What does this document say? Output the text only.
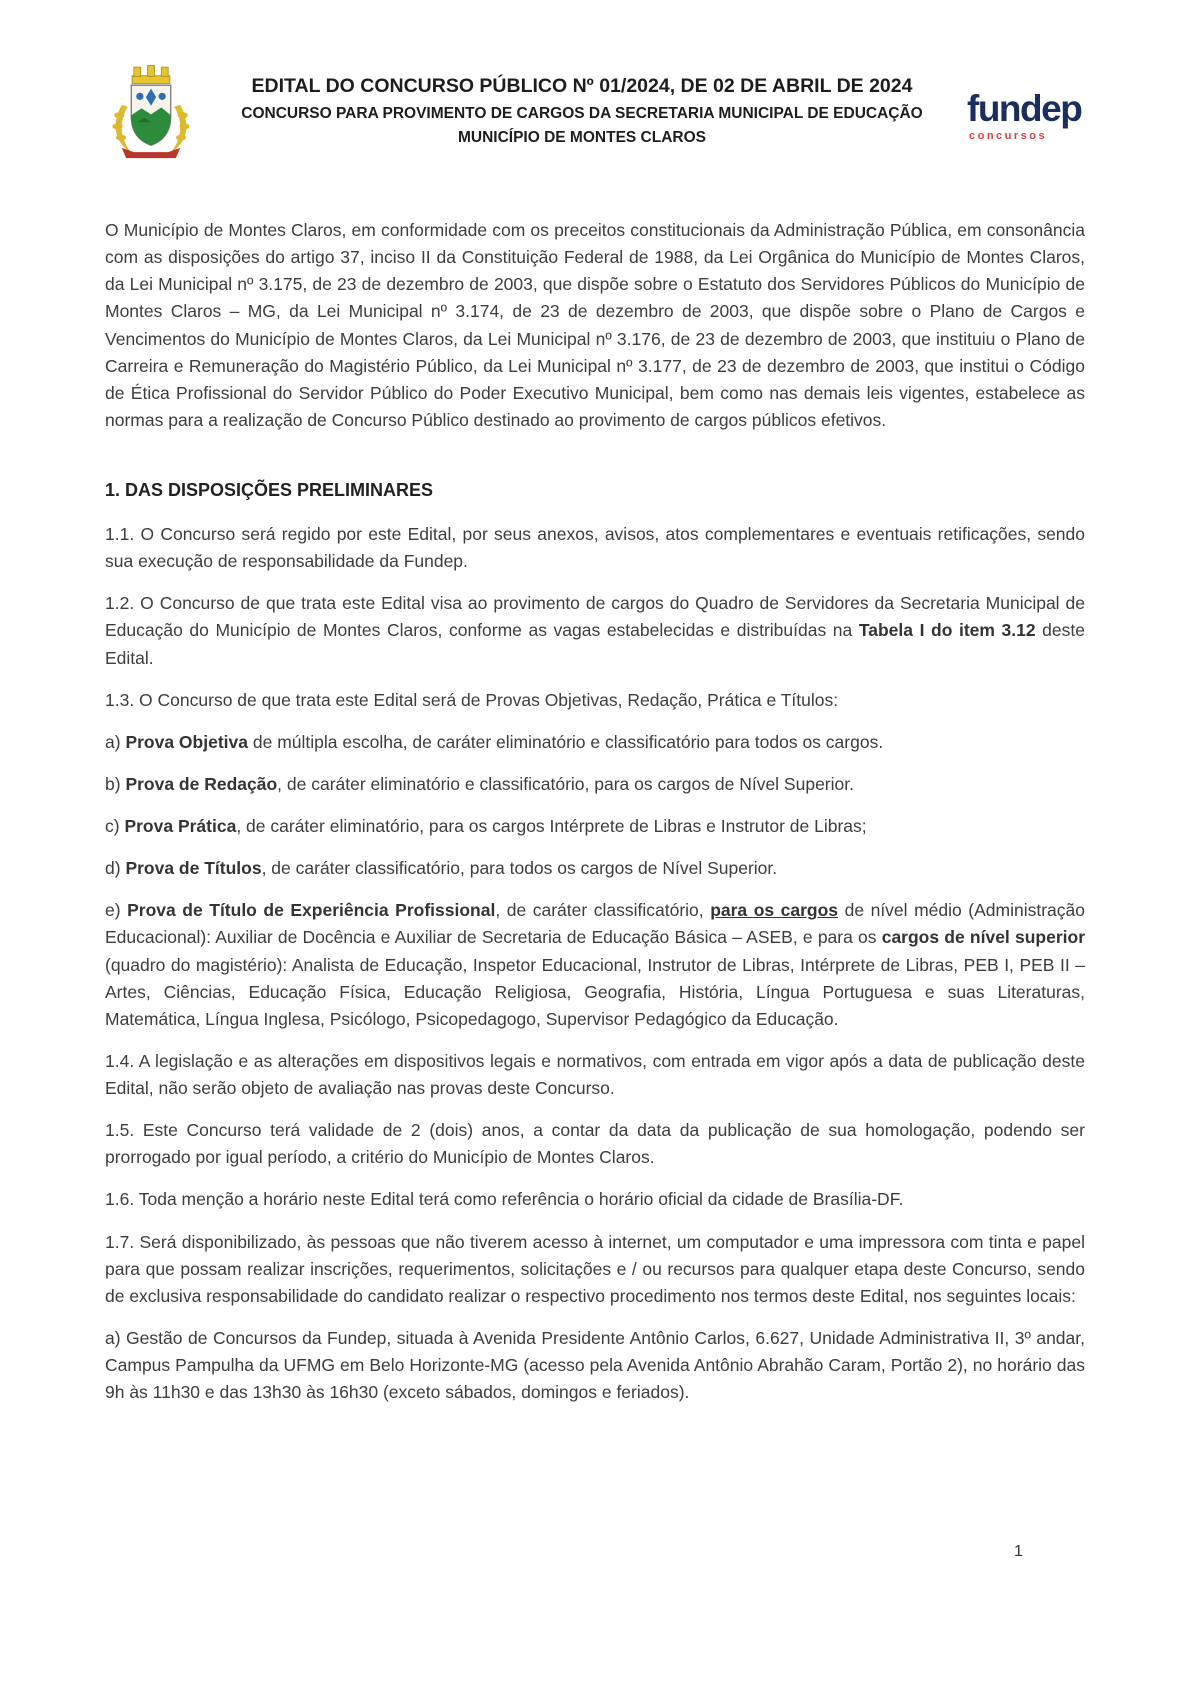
EDITAL DO CONCURSO PÚBLICO Nº 01/2024, DE 02 DE ABRIL DE 2024
CONCURSO PARA PROVIMENTO DE CARGOS DA SECRETARIA MUNICIPAL DE EDUCAÇÃO
MUNICÍPIO DE MONTES CLAROS
fundep
concursos

O Município de Montes Claros, em conformidade com os preceitos constitucionais da Administração Pública, em consonância com as disposições do artigo 37, inciso II da Constituição Federal de 1988, da Lei Orgânica do Município de Montes Claros, da Lei Municipal nº 3.175, de 23 de dezembro de 2003, que dispõe sobre o Estatuto dos Servidores Públicos do Município de Montes Claros – MG, da Lei Municipal nº 3.174, de 23 de dezembro de 2003, que dispõe sobre o Plano de Cargos e Vencimentos do Município de Montes Claros, da Lei Municipal nº 3.176, de 23 de dezembro de 2003, que instituiu o Plano de Carreira e Remuneração do Magistério Público, da Lei Municipal nº 3.177, de 23 de dezembro de 2003, que institui o Código de Ética Profissional do Servidor Público do Poder Executivo Municipal, bem como nas demais leis vigentes, estabelece as normas para a realização de Concurso Público destinado ao provimento de cargos públicos efetivos.

1. DAS DISPOSIÇÕES PRELIMINARES

1.1. O Concurso será regido por este Edital, por seus anexos, avisos, atos complementares e eventuais retificações, sendo sua execução de responsabilidade da Fundep.

1.2. O Concurso de que trata este Edital visa ao provimento de cargos do Quadro de Servidores da Secretaria Municipal de Educação do Município de Montes Claros, conforme as vagas estabelecidas e distribuídas na Tabela I do item 3.12 deste Edital.

1.3. O Concurso de que trata este Edital será de Provas Objetivas, Redação, Prática e Títulos:

a) Prova Objetiva de múltipla escolha, de caráter eliminatório e classificatório para todos os cargos.

b) Prova de Redação, de caráter eliminatório e classificatório, para os cargos de Nível Superior.

c) Prova Prática, de caráter eliminatório, para os cargos Intérprete de Libras e Instrutor de Libras;

d) Prova de Títulos, de caráter classificatório, para todos os cargos de Nível Superior.

e) Prova de Título de Experiência Profissional, de caráter classificatório, para os cargos de nível médio (Administração Educacional): Auxiliar de Docência e Auxiliar de Secretaria de Educação Básica – ASEB, e para os cargos de nível superior (quadro do magistério): Analista de Educação, Inspetor Educacional, Instrutor de Libras, Intérprete de Libras, PEB I, PEB II – Artes, Ciências, Educação Física, Educação Religiosa, Geografia, História, Língua Portuguesa e suas Literaturas, Matemática, Língua Inglesa, Psicólogo, Psicopedagogo, Supervisor Pedagógico da Educação.

1.4. A legislação e as alterações em dispositivos legais e normativos, com entrada em vigor após a data de publicação deste Edital, não serão objeto de avaliação nas provas deste Concurso.

1.5. Este Concurso terá validade de 2 (dois) anos, a contar da data da publicação de sua homologação, podendo ser prorrogado por igual período, a critério do Município de Montes Claros.

1.6. Toda menção a horário neste Edital terá como referência o horário oficial da cidade de Brasília-DF.

1.7. Será disponibilizado, às pessoas que não tiverem acesso à internet, um computador e uma impressora com tinta e papel para que possam realizar inscrições, requerimentos, solicitações e / ou recursos para qualquer etapa deste Concurso, sendo de exclusiva responsabilidade do candidato realizar o respectivo procedimento nos termos deste Edital, nos seguintes locais:

a) Gestão de Concursos da Fundep, situada à Avenida Presidente Antônio Carlos, 6.627, Unidade Administrativa II, 3º andar, Campus Pampulha da UFMG em Belo Horizonte-MG (acesso pela Avenida Antônio Abrahão Caram, Portão 2), no horário das 9h às 11h30 e das 13h30 às 16h30 (exceto sábados, domingos e feriados).

1
